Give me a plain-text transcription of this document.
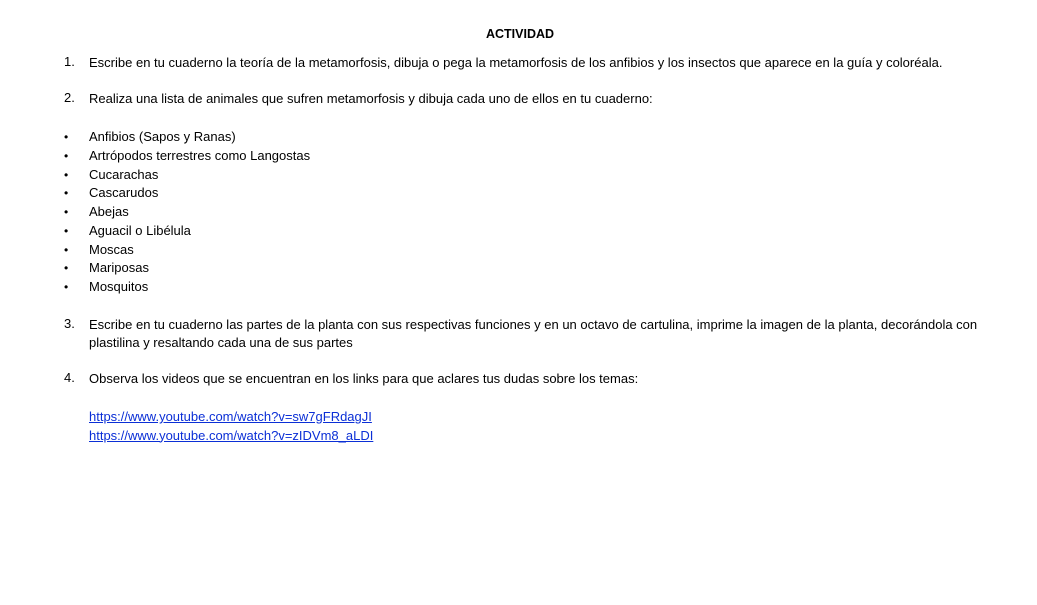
ACTIVIDAD
1. Escribe en tu cuaderno la teoría de la metamorfosis, dibuja o pega la metamorfosis de los anfibios y los insectos que aparece en la guía y coloréala.
2. Realiza una lista de animales que sufren metamorfosis y dibuja cada uno de ellos en tu cuaderno:
• Anfibios (Sapos y Ranas)
• Artrópodos terrestres como Langostas
• Cucarachas
• Cascarudos
• Abejas
• Aguacil o Libélula
• Moscas
• Mariposas
• Mosquitos
3. Escribe en tu cuaderno las partes de la planta con sus respectivas funciones y en un octavo de cartulina, imprime la imagen de la planta, decorándola con plastilina y resaltando cada una de sus partes
4. Observa los videos que se encuentran en los links para que aclares tus dudas sobre los temas:
https://www.youtube.com/watch?v=sw7gFRdagJI
https://www.youtube.com/watch?v=zIDVm8_aLDI
